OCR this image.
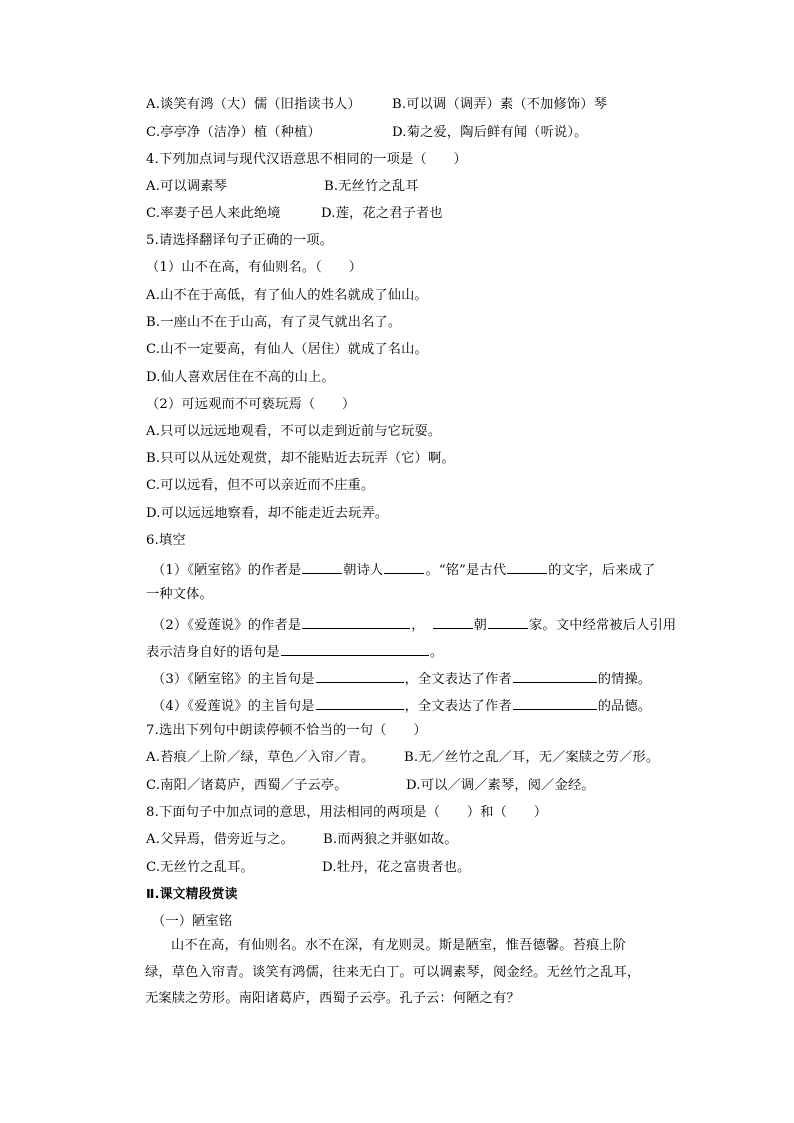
A.谈笑有鸿（大）儒（旧指读书人） B.可以调（调弄）素（不加修饰）琴
C.亭亭净（洁净）植（种植）	D.菊之爱，陶后鲜有闻（听说）。
4.下列加点词与现代汉语意思不相同的一项是（　　）
A.可以调素琴	B.无丝竹之乱耳
C.率妻子邑人来此绝境	D.莲，花之君子者也
5.请选择翻译句子正确的一项。
（1）山不在高，有仙则名。（　　）
A.山不在于高低，有了仙人的姓名就成了仙山。
B.一座山不在于山高，有了灵气就出名了。
C.山不一定要高，有仙人（居住）就成了名山。
D.仙人喜欢居住在不高的山上。
（2）可远观而不可亵玩焉（　　）
A.只可以远远地观看，不可以走到近前与它玩耍。
B.只可以从远处观赏，却不能贴近去玩弄（它）啊。
C.可以远看，但不可以亲近而不庄重。
D.可以远远地察看，却不能走近去玩弄。
6.填空
（1）《陋室铭》的作者是	朝诗人	。“铭”是古代	的文字，后来成了
一种文体。
（2）《爱莲说》的作者是	，	朝	家。文中经常被后人引用
表示洁身自好的语句是	。
（3）《陋室铭》的主旨句是	，全文表达了作者	的情操。
（4）《爱莲说》的主旨句是	，全文表达了作者	的品德。
7.选出下列句中朗读停顿不恰当的一句（　　）
A.苔痕／上阶／绿，草色／入帘／青。 B.无／丝竹之乱／耳，无／案牍之劳／形。
C.南阳／诸葛庐，西蜀／子云亭。	D.可以／调／素琴，阅／金经。
8.下面句子中加点词的意思，用法相同的两项是（　　）和（　　）
A.父异焉，借旁近与之。 B.而两狼之并驱如故。
C.无丝竹之乱耳。	D.牡丹，花之富贵者也。
Ⅱ.课文精段赏读
（一）陋室铭
山不在高，有仙则名。水不在深，有龙则灵。斯是陋室，惟吾德馨。苔痕上阶绿，草色入帘青。谈笑有鸿儒，往来无白丁。可以调素琴，阅金经。无丝竹之乱耳，无案牍之劳形。南阳诸葛庐，西蜀子云亭。孔子云：何陋之有？
